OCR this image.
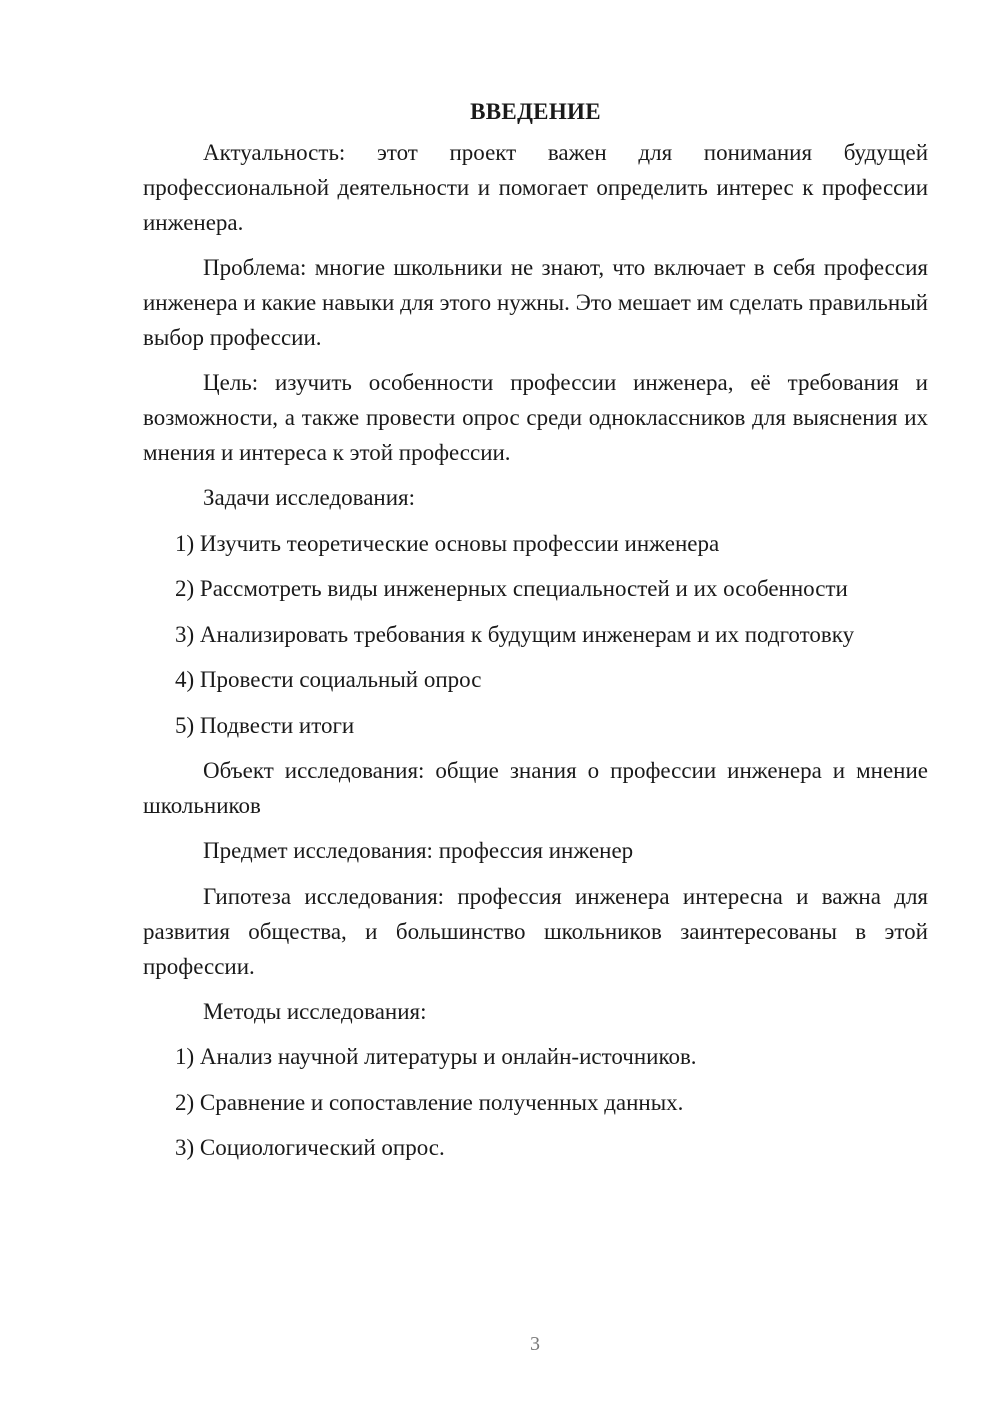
ВВЕДЕНИЕ

Актуальность: этот проект важен для понимания будущей профессиональной деятельности и помогает определить интерес к профессии инженера.

Проблема: многие школьники не знают, что включает в себя профессия инженера и какие навыки для этого нужны. Это мешает им сделать правильный выбор профессии.

Цель: изучить особенности профессии инженера, её требования и возможности, а также провести опрос среди одноклассников для выяснения их мнения и интереса к этой профессии.

Задачи исследования:
1) Изучить теоретические основы профессии инженера
2) Рассмотреть виды инженерных специальностей и их особенности
3) Анализировать требования к будущим инженерам и их подготовку
4) Провести социальный опрос
5) Подвести итоги

Объект исследования: общие знания о профессии инженера и мнение школьников

Предмет исследования: профессия инженер

Гипотеза исследования: профессия инженера интересна и важна для развития общества, и большинство школьников заинтересованы в этой профессии.

Методы исследования:
1) Анализ научной литературы и онлайн-источников.
2) Сравнение и сопоставление полученных данных.
3) Социологический опрос.
3
